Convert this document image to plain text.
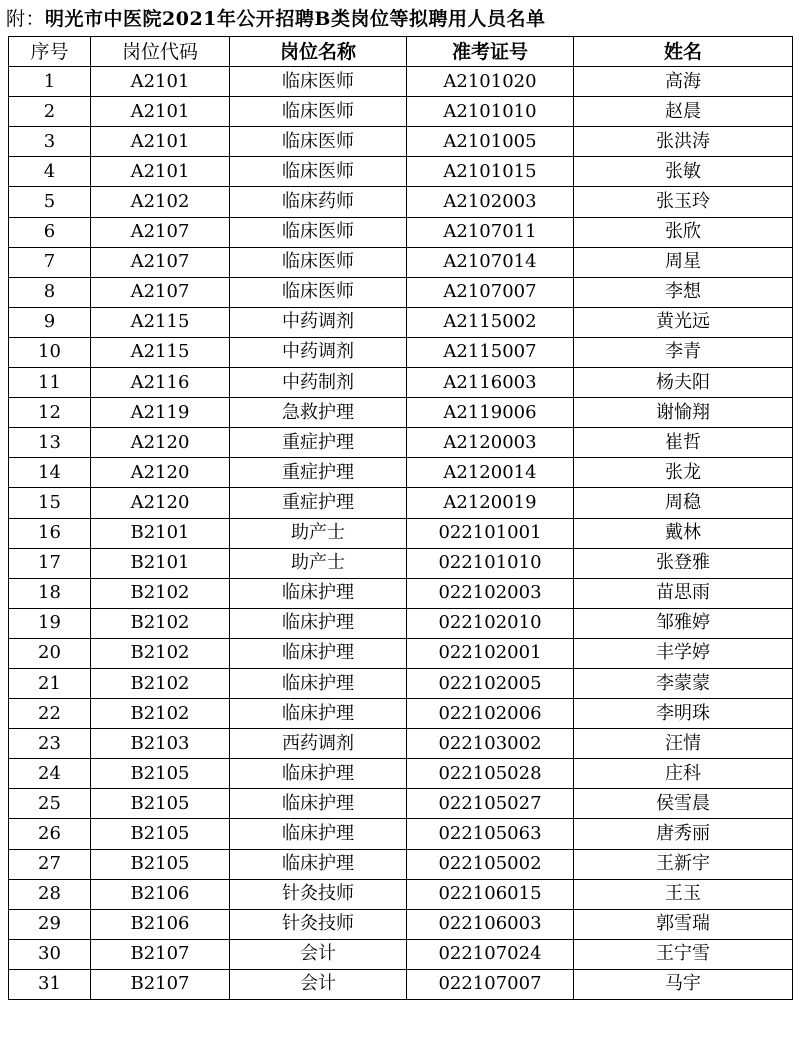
附：明光市中医院2021年公开招聘B类岗位等拟聘用人员名单
序号	岗位代码	岗位名称	准考证号	姓名
1	A2101	临床医师	A2101020	高海
2	A2101	临床医师	A2101010	赵晨
3	A2101	临床医师	A2101005	张洪涛
4	A2101	临床医师	A2101015	张敏
5	A2102	临床药师	A2102003	张玉玲
6	A2107	临床医师	A2107011	张欣
7	A2107	临床医师	A2107014	周星
8	A2107	临床医师	A2107007	李想
9	A2115	中药调剂	A2115002	黄光远
10	A2115	中药调剂	A2115007	李青
11	A2116	中药制剂	A2116003	杨夫阳
12	A2119	急救护理	A2119006	谢愉翔
13	A2120	重症护理	A2120003	崔哲
14	A2120	重症护理	A2120014	张龙
15	A2120	重症护理	A2120019	周稳
16	B2101	助产士	022101001	戴林
17	B2101	助产士	022101010	张登雅
18	B2102	临床护理	022102003	苗思雨
19	B2102	临床护理	022102010	邹雅婷
20	B2102	临床护理	022102001	丰学婷
21	B2102	临床护理	022102005	李蒙蒙
22	B2102	临床护理	022102006	李明珠
23	B2103	西药调剂	022103002	汪情
24	B2105	临床护理	022105028	庄科
25	B2105	临床护理	022105027	侯雪晨
26	B2105	临床护理	022105063	唐秀丽
27	B2105	临床护理	022105002	王新宇
28	B2106	针灸技师	022106015	王玉
29	B2106	针灸技师	022106003	郭雪瑞
30	B2107	会计	022107024	王宁雪
31	B2107	会计	022107007	马宇
